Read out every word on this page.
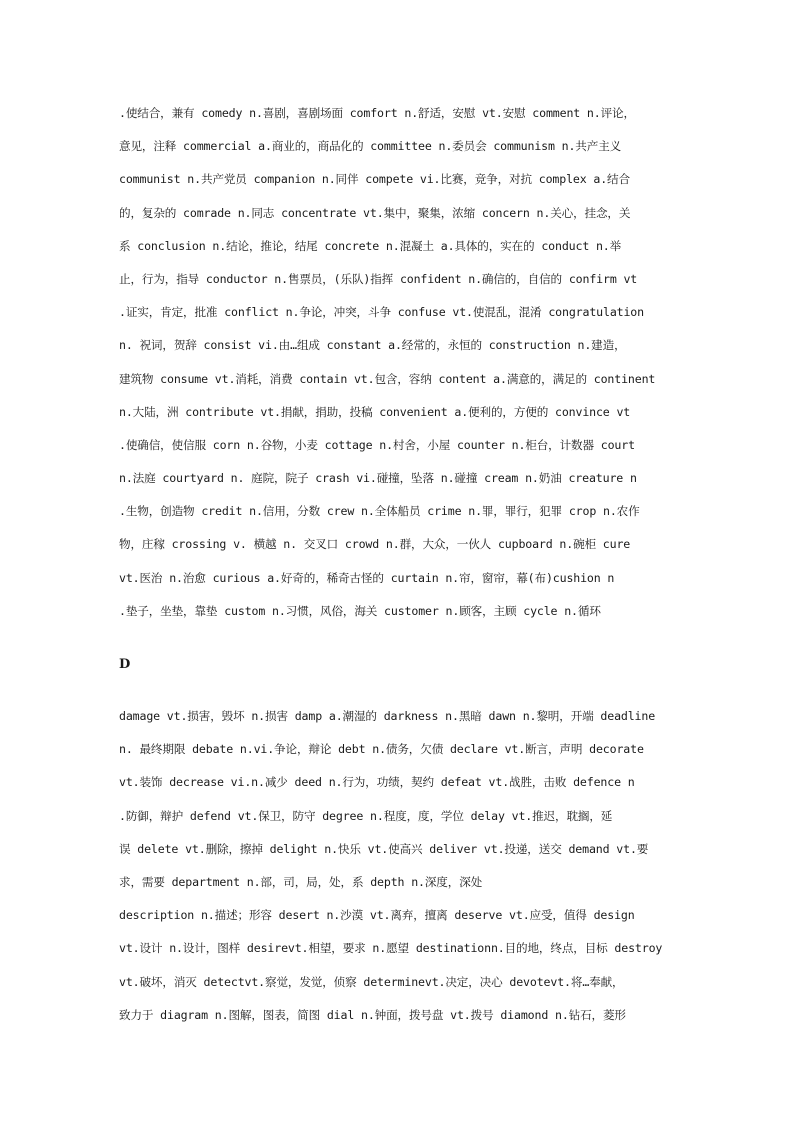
.使结合，兼有 comedy n.喜剧，喜剧场面 comfort n.舒适，安慰 vt.安慰 comment n.评论，
意见，注释 commercial a.商业的，商品化的 committee n.委员会 communism n.共产主义
communist n.共产党员 companion n.同伴 compete vi.比赛，竞争，对抗 complex a.结合
的，复杂的 comrade n.同志 concentrate vt.集中，聚集，浓缩 concern n.关心，挂念，关
系 conclusion n.结论，推论，结尾 concrete n.混凝土 a.具体的，实在的 conduct n.举
止，行为，指导 conductor n.售票员，(乐队)指挥 confident n.确信的，自信的 confirm vt
.证实，肯定，批准 conflict n.争论，冲突，斗争 confuse vt.使混乱，混淆 congratulation
n. 祝词，贺辞 consist vi.由…组成 constant a.经常的，永恒的 construction n.建造，
建筑物 consume vt.消耗，消费 contain vt.包含，容纳 content a.满意的，满足的 continent
n.大陆，洲 contribute vt.捐献，捐助，投稿 convenient a.便利的，方便的 convince vt
.使确信，使信服 corn n.谷物，小麦 cottage n.村舍，小屋 counter n.柜台，计数器 court
n.法庭 courtyard n. 庭院，院子 crash vi.碰撞，坠落 n.碰撞 cream n.奶油 creature n
.生物，创造物 credit n.信用，分数 crew n.全体船员 crime n.罪，罪行，犯罪 crop n.农作
物，庄稼 crossing v. 横越 n. 交叉口 crowd n.群，大众，一伙人 cupboard n.碗柜 cure
vt.医治 n.治愈 curious a.好奇的，稀奇古怪的 curtain n.帘，窗帘，幕(布)cushion n
.垫子，坐垫，靠垫 custom n.习惯，风俗，海关 customer n.顾客，主顾 cycle n.循环
D
damage vt.损害，毁坏 n.损害 damp a.潮湿的 darkness n.黑暗 dawn n.黎明，开端 deadline
n. 最终期限 debate n.vi.争论，辩论 debt n.债务，欠债 declare vt.断言，声明 decorate
vt.装饰 decrease vi.n.减少 deed n.行为，功绩，契约 defeat vt.战胜，击败 defence n
.防御，辩护 defend vt.保卫，防守 degree n.程度，度，学位 delay vt.推迟，耽搁，延
误 delete vt.删除，擦掉 delight n.快乐 vt.使高兴 deliver vt.投递，送交 demand vt.要
求，需要 department n.部，司，局，处，系 depth n.深度，深处
description n.描述；形容 desert n.沙漠 vt.离弃，擅离 deserve vt.应受，值得 design
vt.设计 n.设计，图样 desirevt.相望，要求 n.愿望 destinationn.目的地，终点，目标 destroy
vt.破坏，消灭 detectvt.察觉，发觉，侦察 determinevt.决定，决心 devotevt.将…奉献，
致力于 diagram n.图解，图表，简图 dial n.钟面，拨号盘 vt.拨号 diamond n.钻石，菱形
